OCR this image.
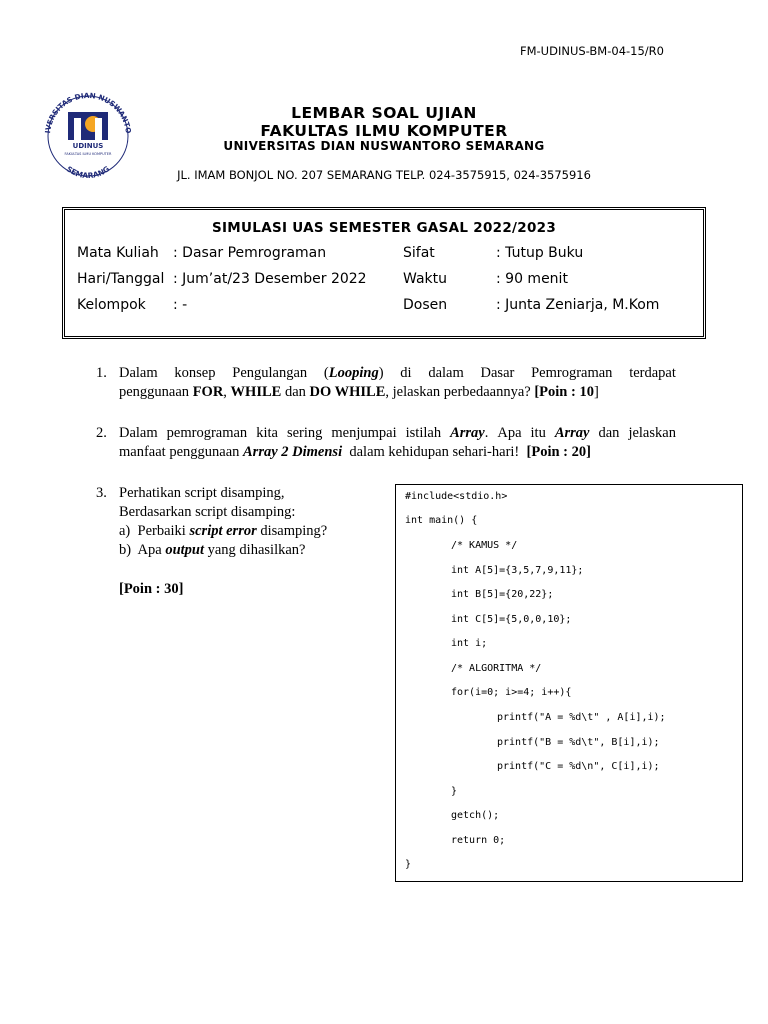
FM-UDINUS-BM-04-15/R0
IVERSITAS DIAN NUSWANTO
SEMARANG
UDINUS
FAKULTAS ILMU KOMPUTER
LEMBAR SOAL UJIAN
FAKULTAS ILMU KOMPUTER
UNIVERSITAS DIAN NUSWANTORO SEMARANG
JL. IMAM BONJOL NO. 207 SEMARANG TELP. 024-3575915, 024-3575916
SIMULASI UAS SEMESTER GASAL 2022/2023
Mata Kuliah : Dasar Pemrograman	Sifat	: Tutup Buku
Hari/Tanggal : Jum’at/23 Desember 2022	Waktu	: 90 menit
Kelompok : -	Dosen	: Junta Zeniarja, M.Kom
1. Dalam konsep Pengulangan (Looping) di dalam Dasar Pemrograman terdapat
penggunaan FOR, WHILE dan DO WHILE, jelaskan perbedaannya? [Poin : 10]
2. Dalam pemrograman kita sering menjumpai istilah Array. Apa itu Array dan jelaskan
manfaat penggunaan Array 2 Dimensi  dalam kehidupan sehari-hari!  [Poin : 20]
3. Perhatikan script disamping,
Berdasarkan script disamping:
a)  Perbaiki script error disamping?
b)  Apa output yang dihasilkan?
[Poin : 30]
#include<stdio.h>
int main() {
/* KAMUS */
int A[5]={3,5,7,9,11};
int B[5]={20,22};
int C[5]={5,0,0,10};
int i;
/* ALGORITMA */
for(i=0; i>=4; i++){
printf("A = %d\t" , A[i],i);
printf("B = %d\t", B[i],i);
printf("C = %d\n", C[i],i);
}
getch();
return 0;
}
